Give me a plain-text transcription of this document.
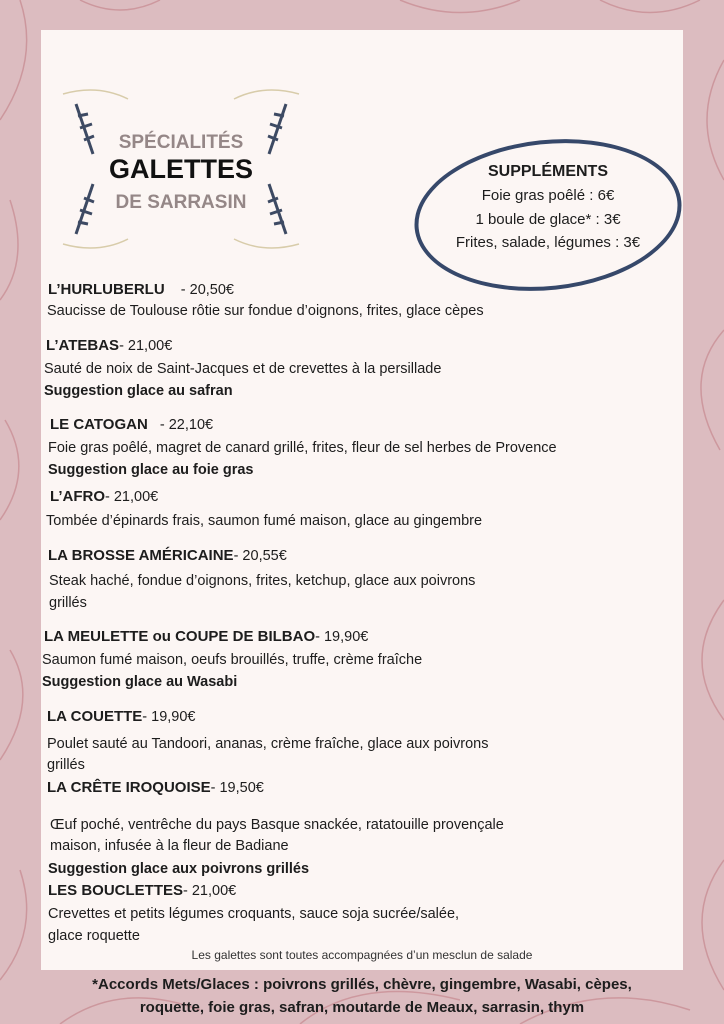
SPÉCIALITÉS
GALETTES
DE SARRASIN
SUPPLÉMENTS
Foie gras poêlé : 6€
1 boule de glace* : 3€
Frites, salade, légumes : 3€
L’HURLUBERLU    - 20,50€
Saucisse de Toulouse rôtie sur fondue d’oignons, frites, glace cèpes
L’ATEBAS- 21,00€
Sauté de noix de Saint-Jacques et de crevettes à la persillade
Suggestion glace au safran
LE CATOGAN   - 22,10€
Foie gras poêlé, magret de canard grillé, frites, fleur de sel herbes de Provence
Suggestion glace au foie gras
L’AFRO- 21,00€
Tombée d’épinards frais, saumon fumé maison, glace au gingembre
LA BROSSE AMÉRICAINE- 20,55€
Steak haché, fondue d’oignons, frites, ketchup, glace aux poivrons
grillés
LA MEULETTE ou COUPE DE BILBAO- 19,90€
Saumon fumé maison, oeufs brouillés, truffe, crème fraîche
Suggestion glace au Wasabi
LA COUETTE- 19,90€
Poulet sauté au Tandoori, ananas, crème fraîche, glace aux poivrons
grillés
LA CRÊTE IROQUOISE- 19,50€
Œuf poché, ventrêche du pays Basque snackée, ratatouille provençale
maison, infusée à la fleur de Badiane
Suggestion glace aux poivrons grillés
LES BOUCLETTES- 21,00€
Crevettes et petits légumes croquants, sauce soja sucrée/salée,
glace roquette
Les galettes sont toutes accompagnées d’un mesclun de salade
*Accords Mets/Glaces : poivrons grillés, chèvre, gingembre, Wasabi, cèpes,
roquette, foie gras, safran, moutarde de Meaux, sarrasin, thym
